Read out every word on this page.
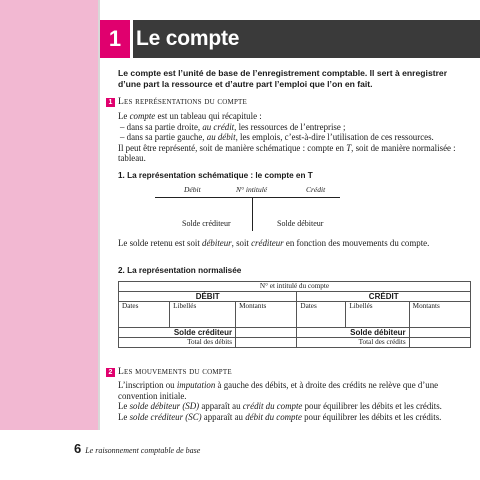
1 Le compte
Le compte est l’unité de base de l’enregistrement comptable. Il sert à enregistrer d’une part la ressource et d’autre part l’emploi que l’on en fait.
1 Les représentations du compte
Le compte est un tableau qui récapitule :
– dans sa partie droite, au crédit, les ressources de l’entreprise ;
– dans sa partie gauche, au débit, les emplois, c’est-à-dire l’utilisation de ces ressources.
Il peut être représenté, soit de manière schématique : compte en T, soit de manière normalisée : tableau.
1. La représentation schématique : le compte en T
Débit	N° intitulé	Crédit
Solde créditeur	Solde débiteur
Le solde retenu est soit débiteur, soit créditeur en fonction des mouvements du compte.
2. La représentation normalisée
N° et intitulé du compte					
DÉBIT			CRÉDIT		
Dates	Libellés	Montants	Dates	Libellés	Montants
Solde créditeur			Solde débiteur		
Total des débits			Total des crédits		
2 Les mouvements du compte
L’inscription ou imputation à gauche des débits, et à droite des crédits ne relève que d’une convention initiale.
Le solde débiteur (SD) apparaît au crédit du compte pour équilibrer les débits et les crédits.
Le solde créditeur (SC) apparaît au débit du compte pour équilibrer les débits et les crédits.
6 Le raisonnement comptable de base
